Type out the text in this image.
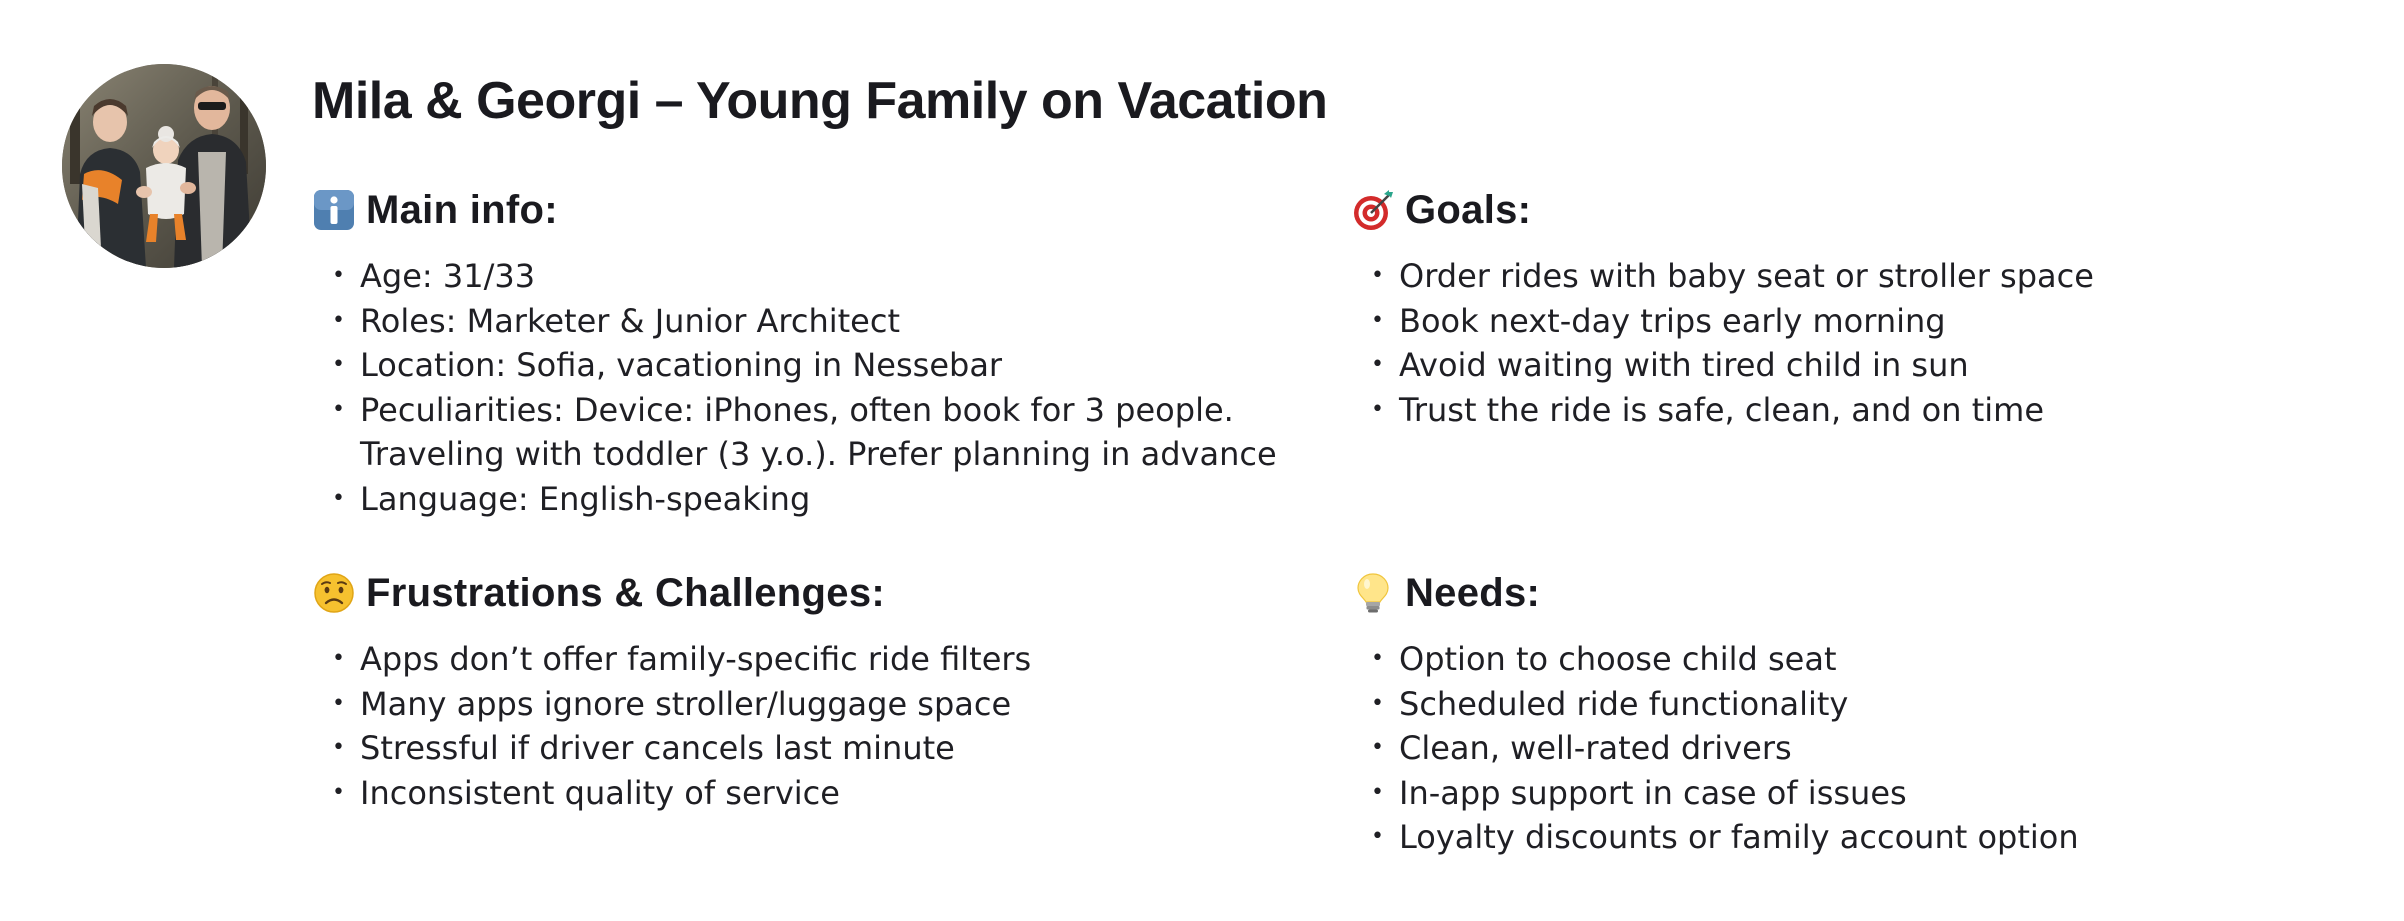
Mila & Georgi – Young Family on Vacation
Main info:
• Age: 31/33
• Roles: Marketer & Junior Architect
• Location: Sofia, vacationing in Nessebar
• Peculiarities: Device: iPhones, often book for 3 people.
Traveling with toddler (3 y.o.). Prefer planning in advance
• Language: English-speaking
Goals:
• Order rides with baby seat or stroller space
• Book next-day trips early morning
• Avoid waiting with tired child in sun
• Trust the ride is safe, clean, and on time
Frustrations & Challenges:
• Apps don’t offer family-specific ride filters
• Many apps ignore stroller/luggage space
• Stressful if driver cancels last minute
• Inconsistent quality of service
Needs:
• Option to choose child seat
• Scheduled ride functionality
• Clean, well-rated drivers
• In-app support in case of issues
• Loyalty discounts or family account option
